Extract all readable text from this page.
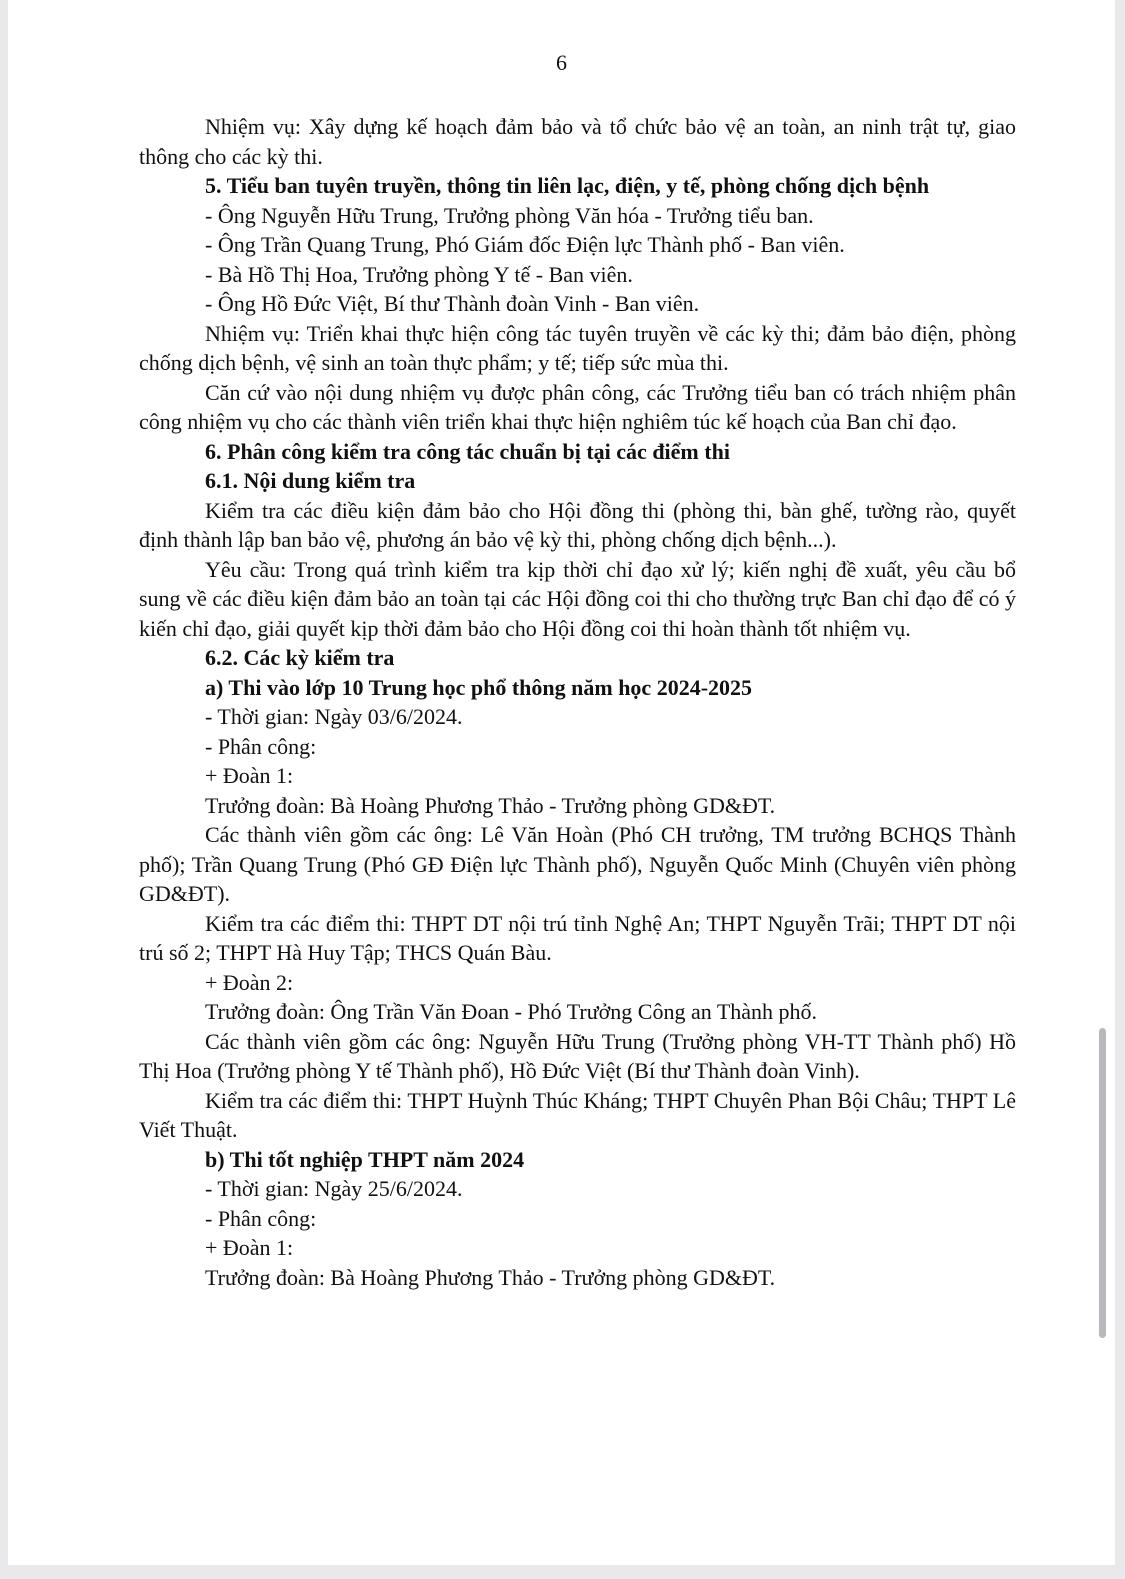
6

Nhiệm vụ: Xây dựng kế hoạch đảm bảo và tổ chức bảo vệ an toàn, an ninh trật tự, giao thông cho các kỳ thi.

5. Tiểu ban tuyên truyền, thông tin liên lạc, điện, y tế, phòng chống dịch bệnh

- Ông Nguyễn Hữu Trung, Trưởng phòng Văn hóa - Trưởng tiểu ban.

- Ông Trần Quang Trung, Phó Giám đốc Điện lực Thành phố - Ban viên.

- Bà Hồ Thị Hoa, Trưởng phòng Y tế - Ban viên.

- Ông Hồ Đức Việt, Bí thư Thành đoàn Vinh - Ban viên.

Nhiệm vụ: Triển khai thực hiện công tác tuyên truyền về các kỳ thi; đảm bảo điện, phòng chống dịch bệnh, vệ sinh an toàn thực phẩm; y tế; tiếp sức mùa thi.

Căn cứ vào nội dung nhiệm vụ được phân công, các Trưởng tiểu ban có trách nhiệm phân công nhiệm vụ cho các thành viên triển khai thực hiện nghiêm túc kế hoạch của Ban chỉ đạo.

6. Phân công kiểm tra công tác chuẩn bị tại các điểm thi

6.1. Nội dung kiểm tra

Kiểm tra các điều kiện đảm bảo cho Hội đồng thi (phòng thi, bàn ghế, tường rào, quyết định thành lập ban bảo vệ, phương án bảo vệ kỳ thi, phòng chống dịch bệnh...).

Yêu cầu: Trong quá trình kiểm tra kịp thời chỉ đạo xử lý; kiến nghị đề xuất, yêu cầu bổ sung về các điều kiện đảm bảo an toàn tại các Hội đồng coi thi cho thường trực Ban chỉ đạo để có ý kiến chỉ đạo, giải quyết kịp thời đảm bảo cho Hội đồng coi thi hoàn thành tốt nhiệm vụ.

6.2. Các kỳ kiểm tra

a) Thi vào lớp 10 Trung học phổ thông năm học 2024-2025

- Thời gian: Ngày 03/6/2024.

- Phân công:

+ Đoàn 1:

Trưởng đoàn: Bà Hoàng Phương Thảo - Trưởng phòng GD&ĐT.

Các thành viên gồm các ông: Lê Văn Hoàn (Phó CH trưởng, TM trưởng BCHQS Thành phố); Trần Quang Trung (Phó GĐ Điện lực Thành phố), Nguyễn Quốc Minh (Chuyên viên phòng GD&ĐT).

Kiểm tra các điểm thi: THPT DT nội trú tỉnh Nghệ An; THPT Nguyễn Trãi; THPT DT nội trú số 2; THPT Hà Huy Tập; THCS Quán Bàu.

+ Đoàn 2:

Trưởng đoàn: Ông Trần Văn Đoan - Phó Trưởng Công an Thành phố.

Các thành viên gồm các ông: Nguyễn Hữu Trung (Trưởng phòng VH-TT Thành phố) Hồ Thị Hoa (Trưởng phòng Y tế Thành phố), Hồ Đức Việt (Bí thư Thành đoàn Vinh).

Kiểm tra các điểm thi: THPT Huỳnh Thúc Kháng; THPT Chuyên Phan Bội Châu; THPT Lê Viết Thuật.

b) Thi tốt nghiệp THPT năm 2024

- Thời gian: Ngày 25/6/2024.

- Phân công:

+ Đoàn 1:

Trưởng đoàn: Bà Hoàng Phương Thảo - Trưởng phòng GD&ĐT.
